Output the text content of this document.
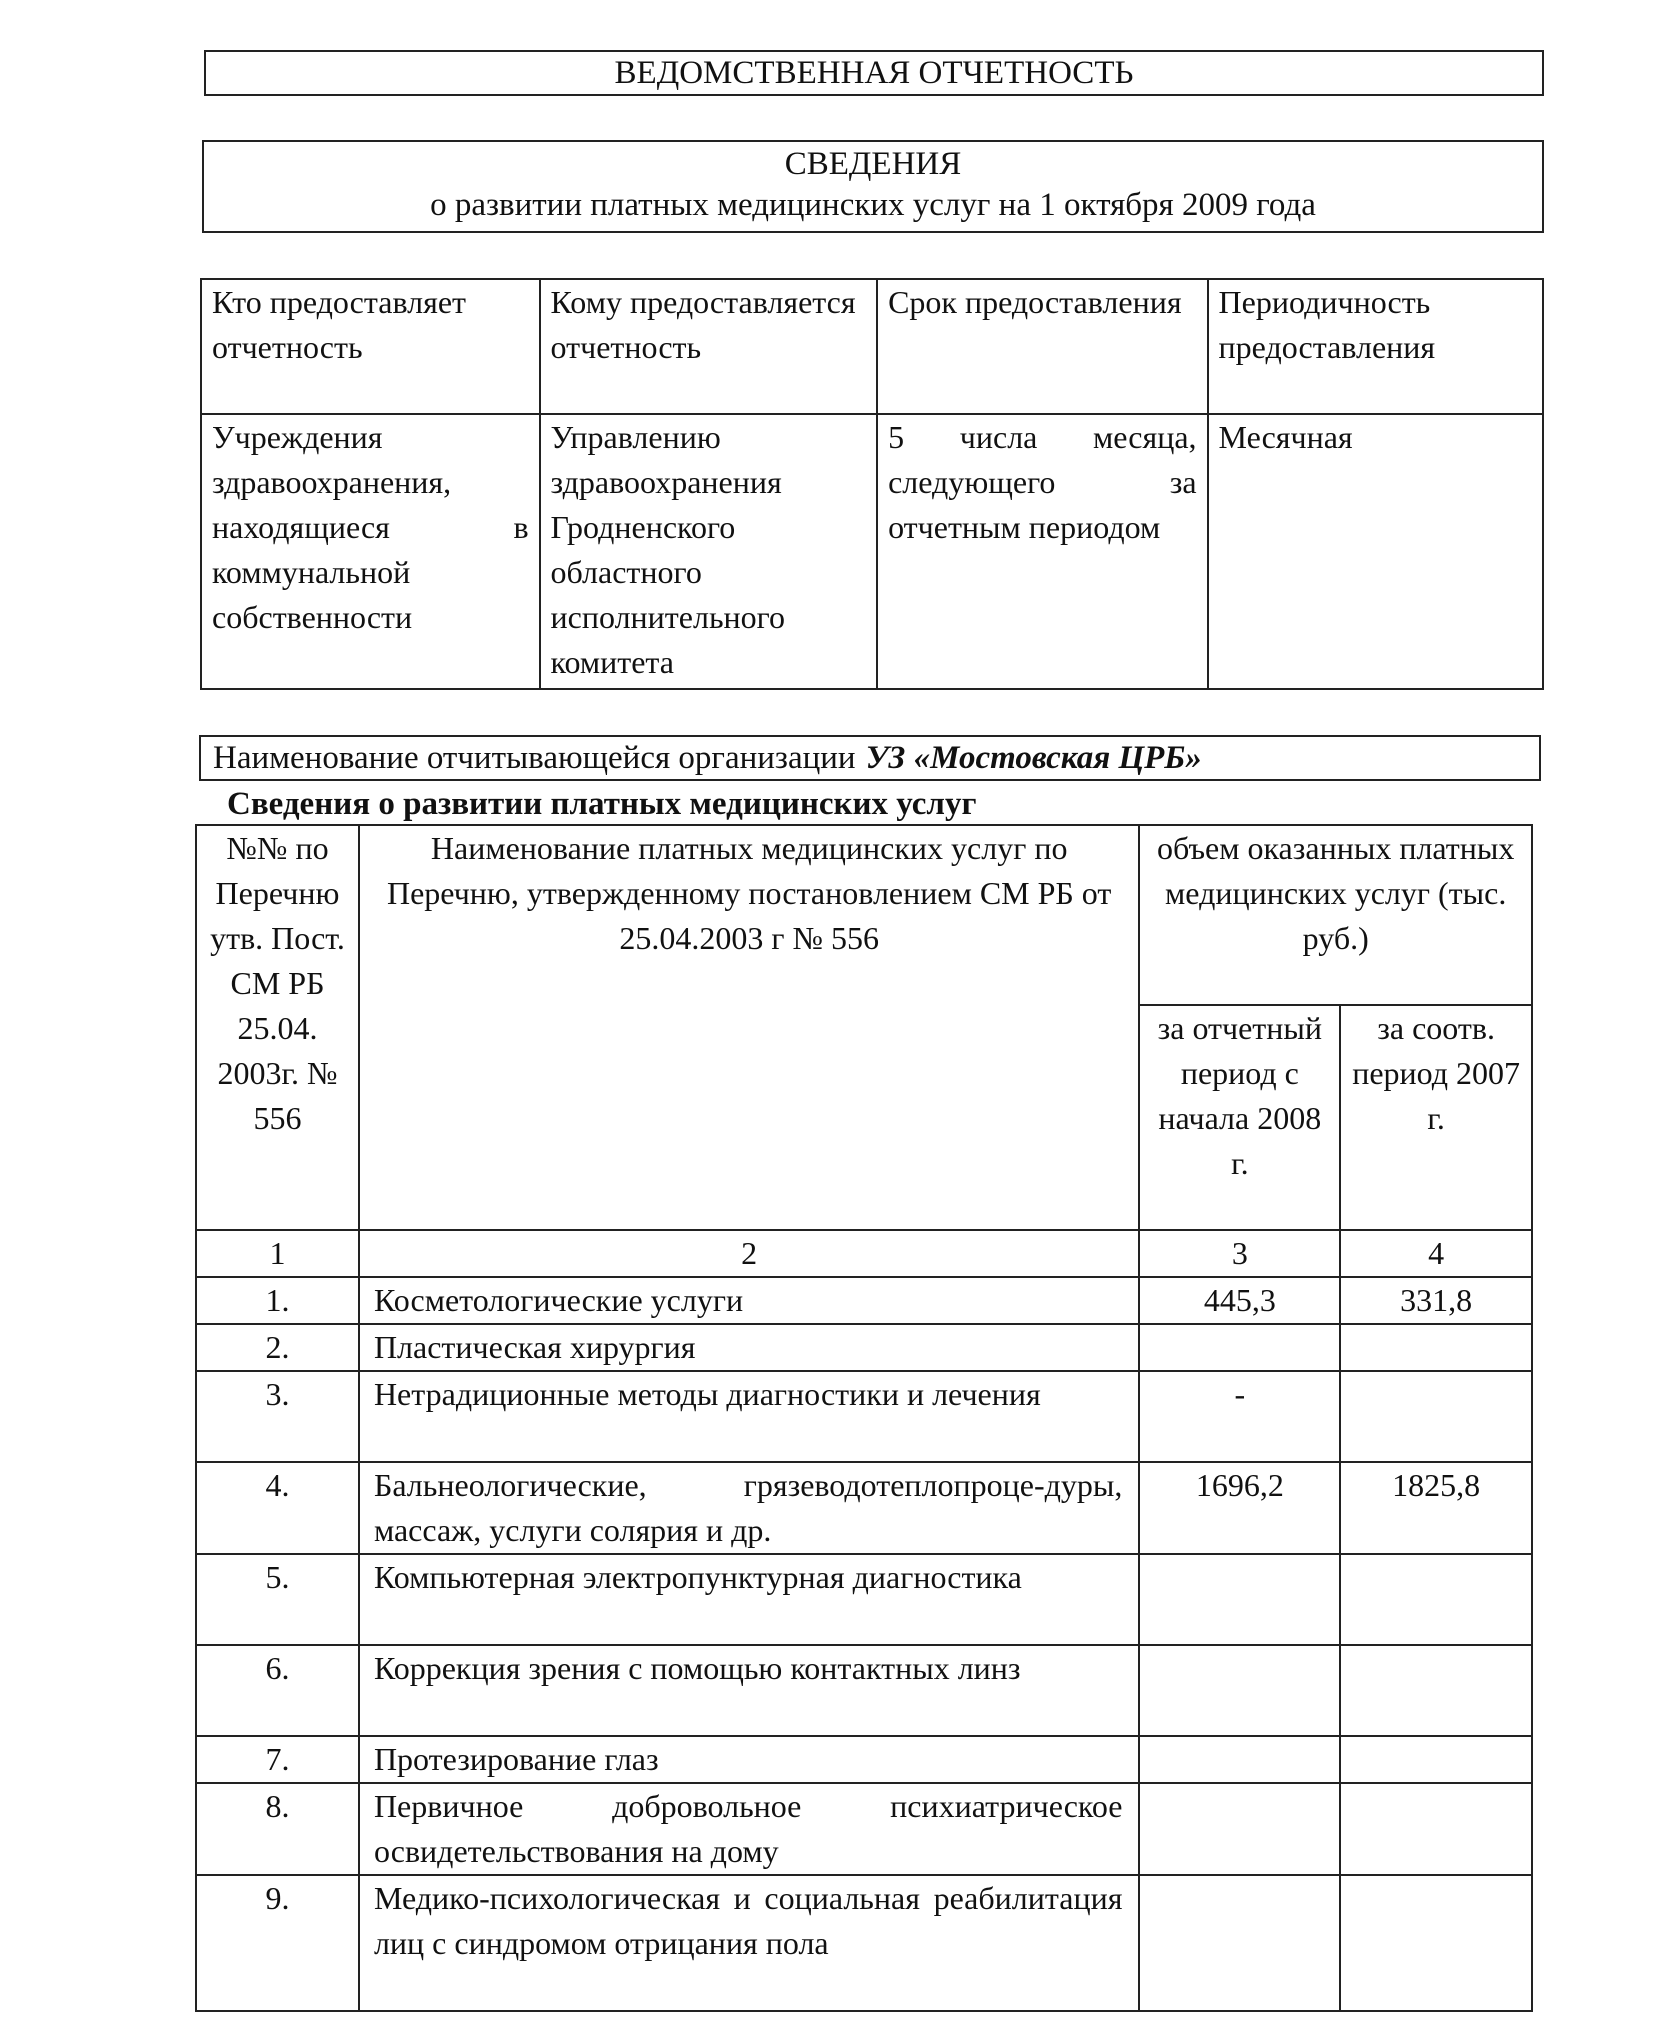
ВЕДОМСТВЕННАЯ ОТЧЕТНОСТЬ
СВЕДЕНИЯ
о развитии платных медицинских услуг на 1 октября 2009 года
Кто предоставляет отчетность	Кому предоставляется отчетность	Срок предоставления	Периодичность предоставления
Учреждения здравоохранения, находящиеся в коммунальной собственности	Управлению здравоохранения Гродненского областного исполнительного комитета	5 числа месяца, следующего за отчетным периодом	Месячная
Наименование отчитывающейся организации УЗ «Мостовская ЦРБ»
Сведения о развитии платных медицинских услуг
№№ по Перечню утв. Пост. СМ РБ 25.04. 2003г. № 556	Наименование платных медицинских услуг по Перечню, утвержденному постановлением СМ РБ от 25.04.2003 г № 556	объем оказанных платных медицинских услуг (тыс. руб.)	
		за отчетный период с начала 2008 г.	за соотв. период 2007 г.
1	2	3	4
1.	Косметологические услуги	445,3	331,8
2.	Пластическая хирургия		
3.	Нетрадиционные методы диагностики и лечения	-	
4.	Бальнеологические, грязеводотеплопроце-дуры, массаж, услуги солярия и др.	1696,2	1825,8
5.	Компьютерная электропунктурная диагностика		
6.	Коррекция зрения с помощью контактных линз		
7.	Протезирование глаз		
8.	Первичное добровольное психиатрическое освидетельствования на дому		
9.	Медико-психологическая и социальная реабилитация лиц с синдромом отрицания пола		
